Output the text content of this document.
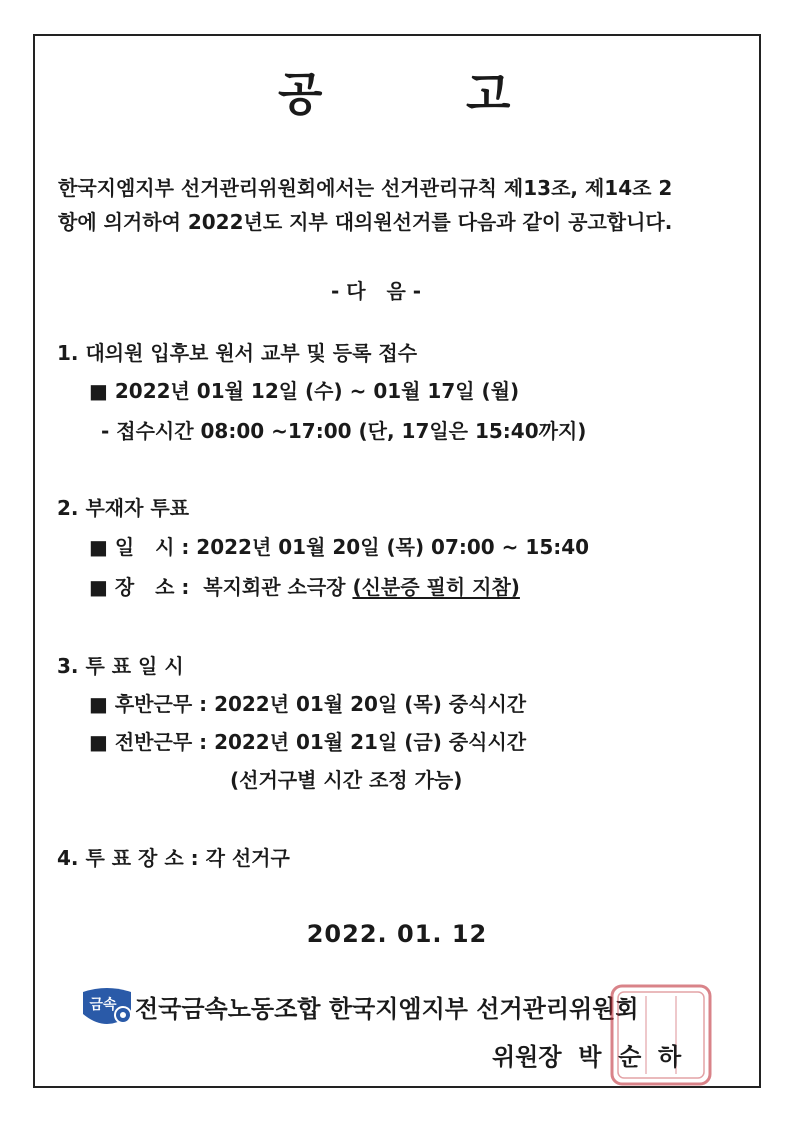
공	고
한국지엠지부 선거관리위원회에서는 선거관리규칙 제13조, 제14조 2
항에 의거하여 2022년도 지부 대의원선거를 다음과 같이 공고합니다.
- 다   음 -
1. 대의원 입후보 원서 교부 및 등록 접수
■ 2022년 01월 12일 (수) ~ 01월 17일 (월)
- 접수시간 08:00 ~17:00 (단, 17일은 15:40까지)
2. 부재자 투표
■ 일   시 : 2022년 01월 20일 (목) 07:00 ~ 15:40
■ 장   소 :  복지회관 소극장 (신분증 필히 지참)
3. 투 표 일 시
■ 후반근무 : 2022년 01월 20일 (목) 중식시간
■ 전반근무 : 2022년 01월 21일 (금) 중식시간
(선거구별 시간 조정 가능)
4. 투 표 장 소 : 각 선거구
2022. 01. 12
금속 전국금속노동조합 한국지엠지부 선거관리위원회
위원장  박  순  하
